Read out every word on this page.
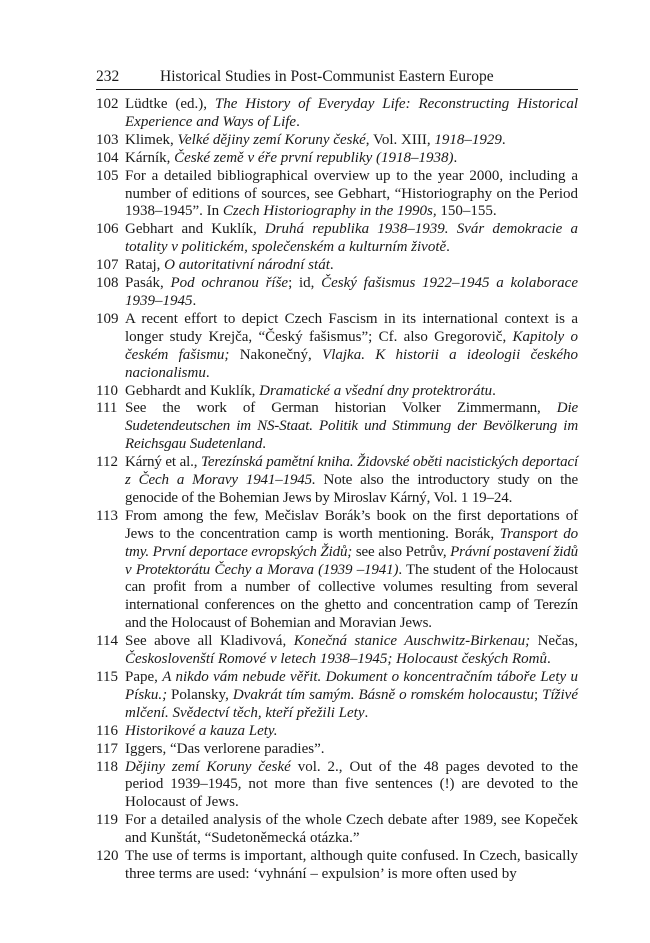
232	Historical Studies in Post-Communist Eastern Europe
102 Lüdtke (ed.), The History of Everyday Life: Reconstructing Historical Experience and Ways of Life.
103 Klimek, Velké dějiny zemí Koruny české, Vol. XIII, 1918–1929.
104 Kárník, České země v éře první republiky (1918–1938).
105 For a detailed bibliographical overview up to the year 2000, including a number of editions of sources, see Gebhart, “Historiography on the Period 1938–1945”. In Czech Historiography in the 1990s, 150–155.
106 Gebhart and Kuklík, Druhá republika 1938–1939. Svár demokracie a totality v politickém, společenském a kulturním životě.
107 Rataj, O autoritativní národní stát.
108 Pasák, Pod ochranou říše; id, Český fašismus 1922–1945 a kolaborace 1939–1945.
109 A recent effort to depict Czech Fascism in its international context is a longer study Krejča, “Český fašismus”; Cf. also Gregorovič, Kapitoly o českém fašismu; Nakonečný, Vlajka. K historii a ideologii českého nacionalismu.
110 Gebhardt and Kuklík, Dramatické a všední dny protektrorátu.
111 See the work of German historian Volker Zimmermann, Die Sudetendeutschen im NS-Staat. Politik und Stimmung der Bevölkerung im Reichsgau Sudetenland.
112 Kárný et al., Terezínská pamětní kniha. Židovské oběti nacistických deportací z Čech a Moravy 1941–1945. Note also the introductory study on the genocide of the Bohemian Jews by Miroslav Kárný, Vol. 1 19–24.
113 From among the few, Mečislav Borák’s book on the first deportations of Jews to the concentration camp is worth mentioning. Borák, Transport do tmy. První deportace evropských Židů; see also Petrův, Právní postavení židů v Protektorátu Čechy a Morava (1939 –1941). The student of the Holocaust can profit from a number of collective volumes resulting from several international conferences on the ghetto and concentration camp of Terezín and the Holocaust of Bohemian and Moravian Jews.
114 See above all Kladivová, Konečná stanice Auschwitz-Birkenau; Nečas, Českoslovenští Romové v letech 1938–1945; Holocaust českých Romů.
115 Pape, A nikdo vám nebude věřit. Dokument o koncentračním táboře Lety u Písku.; Polansky, Dvakrát tím samým. Básně o romském holocaustu; Tíživé mlčení. Svědectví těch, kteří přežili Lety.
116 Historikové a kauza Lety.
117 Iggers, “Das verlorene paradies”.
118 Dějiny zemí Koruny české vol. 2., Out of the 48 pages devoted to the period 1939–1945, not more than five sentences (!) are devoted to the Holocaust of Jews.
119 For a detailed analysis of the whole Czech debate after 1989, see Kopeček and Kunštát, “Sudetoněmecká otázka.”
120 The use of terms is important, although quite confused. In Czech, basically three terms are used: ‘vyhnání – expulsion’ is more often used by
